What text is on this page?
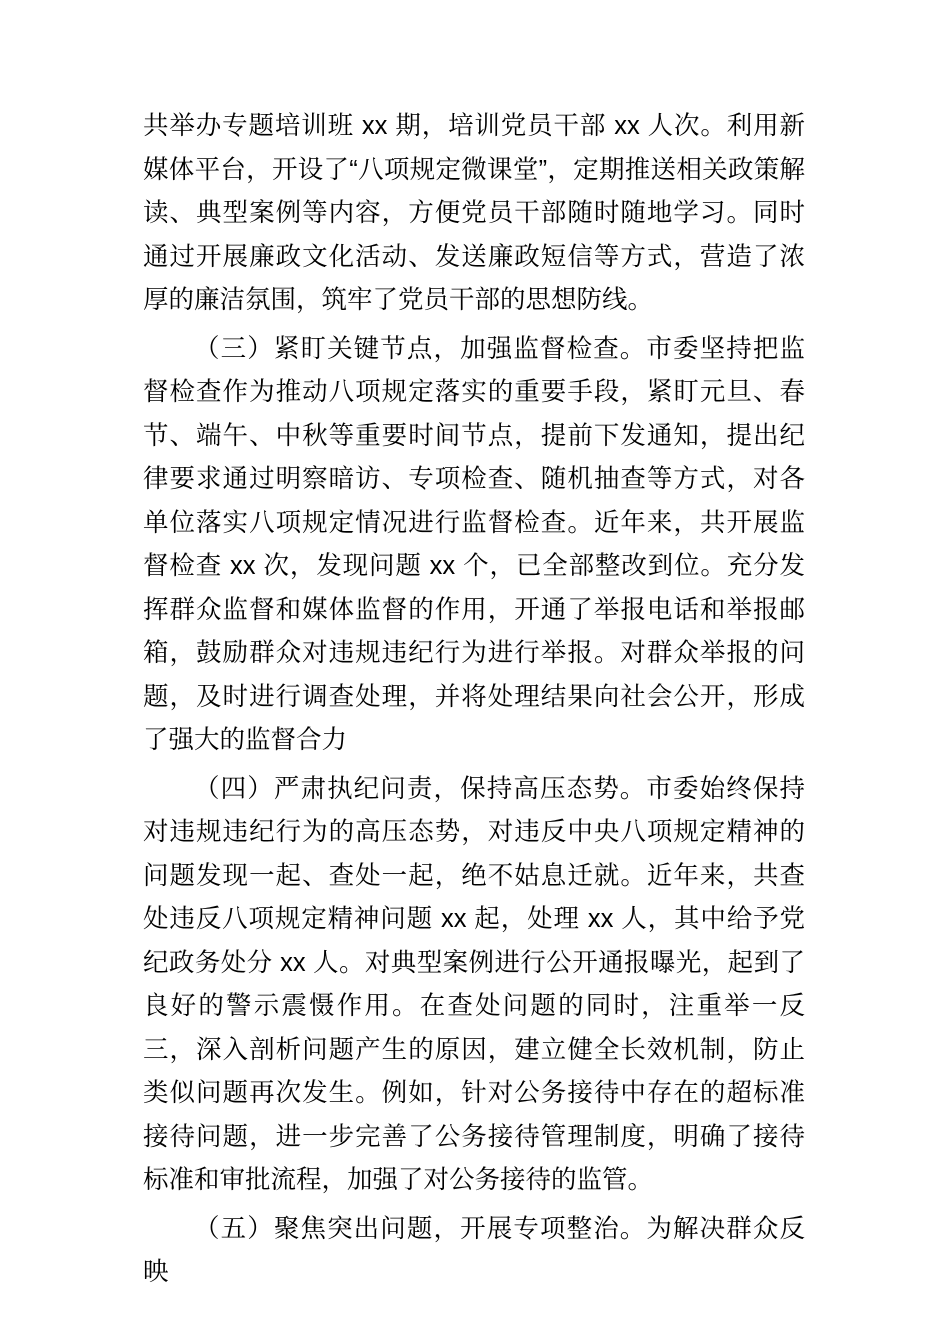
共举办专题培训班 xx 期，培训党员干部 xx 人次。利用新媒体平台，开设了“八项规定微课堂”，定期推送相关政策解读、典型案例等内容，方便党员干部随时随地学习。同时通过开展廉政文化活动、发送廉政短信等方式，营造了浓厚的廉洁氛围，筑牢了党员干部的思想防线。

（三）紧盯关键节点，加强监督检查。市委坚持把监督检查作为推动八项规定落实的重要手段，紧盯元旦、春节、端午、中秋等重要时间节点，提前下发通知，提出纪律要求通过明察暗访、专项检查、随机抽查等方式，对各单位落实八项规定情况进行监督检查。近年来，共开展监督检查 xx 次，发现问题 xx 个，已全部整改到位。充分发挥群众监督和媒体监督的作用，开通了举报电话和举报邮箱，鼓励群众对违规违纪行为进行举报。对群众举报的问题，及时进行调查处理，并将处理结果向社会公开，形成了强大的监督合力

（四）严肃执纪问责，保持高压态势。市委始终保持对违规违纪行为的高压态势，对违反中央八项规定精神的问题发现一起、查处一起，绝不姑息迁就。近年来，共查处违反八项规定精神问题 xx 起，处理 xx 人，其中给予党纪政务处分 xx 人。对典型案例进行公开通报曝光，起到了良好的警示震慑作用。在查处问题的同时，注重举一反三，深入剖析问题产生的原因，建立健全长效机制，防止类似问题再次发生。例如，针对公务接待中存在的超标准接待问题，进一步完善了公务接待管理制度，明确了接待标准和审批流程，加强了对公务接待的监管。

（五）聚焦突出问题，开展专项整治。为解决群众反映
